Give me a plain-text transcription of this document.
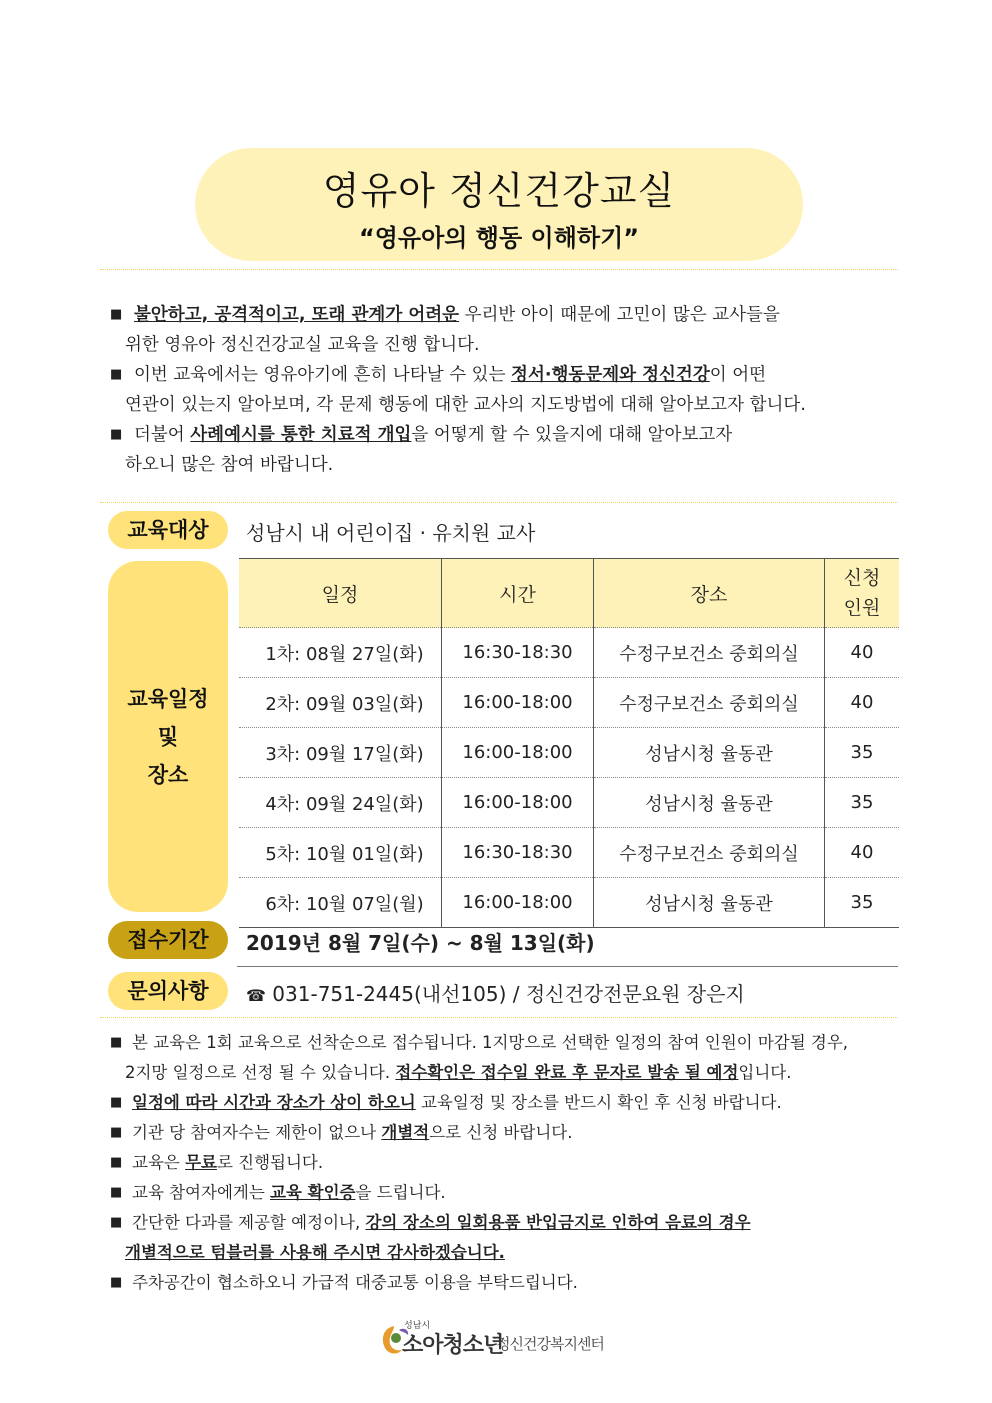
영유아 정신건강교실
“영유아의 행동 이해하기”

■ 불안하고, 공격적이고, 또래 관계가 어려운 우리반 아이 때문에 고민이 많은 교사들을

위한 영유아 정신건강교실 교육을 진행 합니다.

■ 이번 교육에서는 영유아기에 흔히 나타날 수 있는 정서·행동문제와 정신건강이 어떤

연관이 있는지 알아보며, 각 문제 행동에 대한 교사의 지도방법에 대해 알아보고자 합니다.

■ 더불어 사례예시를 통한 치료적 개입을 어떻게 할 수 있을지에 대해 알아보고자

하오니 많은 참여 바랍니다.

교육대상	성남시 내 어린이집 · 유치원 교사
교육일정
및
장소
일정	시간	장소	신청
인원
1차: 08월 27일(화)	16:30-18:30	수정구보건소 중회의실	40
2차: 09월 03일(화)	16:00-18:00	수정구보건소 중회의실	40
3차: 09월 17일(화)	16:00-18:00	성남시청 율동관	35
4차: 09월 24일(화)	16:00-18:00	성남시청 율동관	35
5차: 10월 01일(화)	16:30-18:30	수정구보건소 중회의실	40
6차: 10월 07일(월)	16:00-18:00	성남시청 율동관	35
접수기간	2019년 8월 7일(수) ~ 8월 13일(화)
문의사항	☎ 031-751-2445(내선105) / 정신건강전문요원 장은지

■ 본 교육은 1회 교육으로 선착순으로 접수됩니다. 1지망으로 선택한 일정의 참여 인원이 마감될 경우,

2지망 일정으로 선정 될 수 있습니다. 접수확인은 접수일 완료 후 문자로 발송 될 예정입니다.

■ 일정에 따라 시간과 장소가 상이 하오니 교육일정 및 장소를 반드시 확인 후 신청 바랍니다.

■ 기관 당 참여자수는 제한이 없으나 개별적으로 신청 바랍니다.

■ 교육은 무료로 진행됩니다.

■ 교육 참여자에게는 교육 확인증을 드립니다.

■ 간단한 다과를 제공할 예정이나, 강의 장소의 일회용품 반입금지로 인하여 음료의 경우

개별적으로 텀블러를 사용해 주시면 감사하겠습니다.

■ 주차공간이 협소하오니 가급적 대중교통 이용을 부탁드립니다.

성남시
소아청소년
정신건강복지센터
